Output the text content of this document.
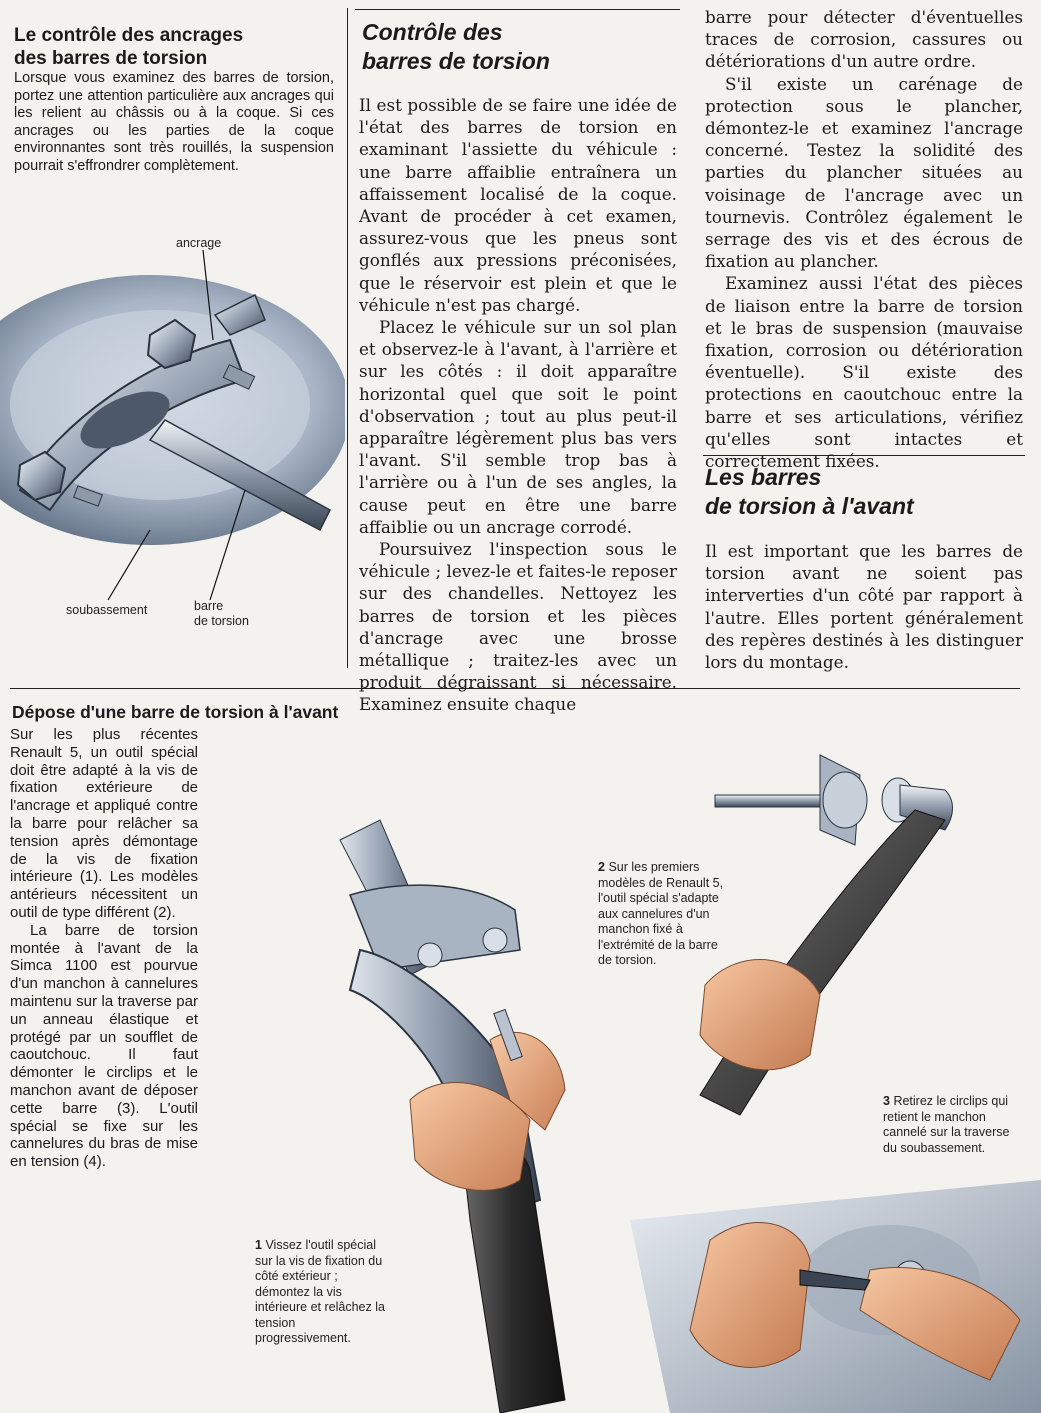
Le contrôle des ancrages
des barres de torsion
Lorsque vous examinez des barres de torsion, portez une attention particulière aux ancrages qui les relient au châssis ou à la coque. Si ces ancrages ou les parties de la coque environnantes sont très rouillés, la suspension pourrait s'effrondrer complètement.
ancrage
soubassement	barre
de torsion
Contrôle des
barres de torsion

Il est possible de se faire une idée de l'état des barres de torsion en examinant l'assiette du véhicule : une barre affaiblie entraînera un affaissement localisé de la coque. Avant de procéder à cet examen, assurez-vous que les pneus sont gonflés aux pressions préconisées, que le réservoir est plein et que le véhicule n'est pas chargé.

Placez le véhicule sur un sol plan et observez-le à l'avant, à l'arrière et sur les côtés : il doit apparaître horizontal quel que soit le point d'observation ; tout au plus peut-il apparaître légèrement plus bas vers l'avant. S'il semble trop bas à l'arrière ou à l'un de ses angles, la cause peut en être une barre affaiblie ou un ancrage corrodé.

Poursuivez l'inspection sous le véhicule ; levez-le et faites-le reposer sur des chandelles. Nettoyez les barres de torsion et les pièces d'ancrage avec une brosse métallique ; traitez-les avec un produit dégraissant si nécessaire. Examinez ensuite chaque

barre pour détecter d'éventuelles traces de corrosion, cassures ou détériorations d'un autre ordre.

S'il existe un carénage de protection sous le plancher, démontez-le et examinez l'ancrage concerné. Testez la solidité des parties du plancher situées au voisinage de l'ancrage avec un tournevis. Contrôlez également le serrage des vis et des écrous de fixation au plancher.

Examinez aussi l'état des pièces de liaison entre la barre de torsion et le bras de suspension (mauvaise fixation, corrosion ou détérioration éventuelle). S'il existe des protections en caoutchouc entre la barre et ses articulations, vérifiez qu'elles sont intactes et correctement fixées.

Les barres
de torsion à l'avant

Il est important que les barres de torsion avant ne soient pas interverties d'un côté par rapport à l'autre. Elles portent généralement des repères destinés à les distinguer lors du montage.

Dépose d'une barre de torsion à l'avant

Sur les plus récentes Renault 5, un outil spécial doit être adapté à la vis de fixation extérieure de l'ancrage et appliqué contre la barre pour relâcher sa tension après démontage de la vis de fixation intérieure (1). Les modèles antérieurs nécessitent un outil de type différent (2).

La barre de torsion montée à l'avant de la Simca 1100 est pourvue d'un manchon à cannelures maintenu sur la traverse par un anneau élastique et protégé par un soufflet de caoutchouc. Il faut démonter le circlips et le manchon avant de déposer cette barre (3). L'outil spécial se fixe sur les cannelures du bras de mise en tension (4).

1 Vissez l'outil spécial sur la vis de fixation du côté extérieur ; démontez la vis intérieure et relâchez la tension progressivement.
2 Sur les premiers modèles de Renault 5, l'outil spécial s'adapte aux cannelures d'un manchon fixé à l'extrémité de la barre de torsion.
3 Retirez le circlips qui retient le manchon cannelé sur la traverse du soubassement.
